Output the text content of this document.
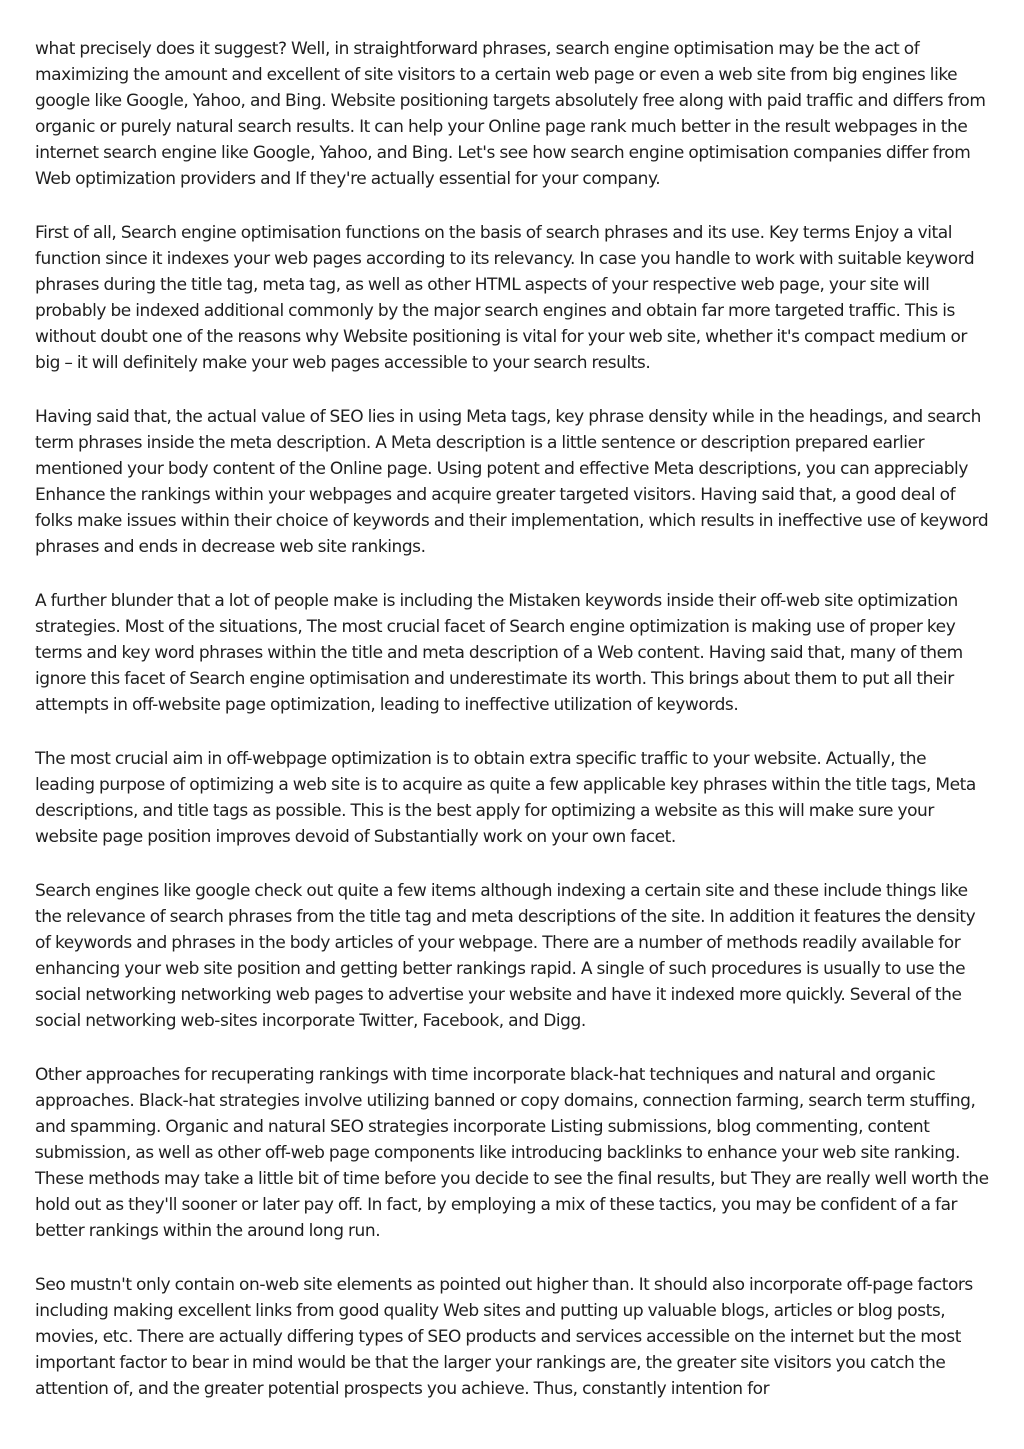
what precisely does it suggest? Well, in straightforward phrases, search engine optimisation may be the act of maximizing the amount and excellent of site visitors to a certain web page or even a web site from big engines like google like Google, Yahoo, and Bing. Website positioning targets absolutely free along with paid traffic and differs from organic or purely natural search results. It can help your Online page rank much better in the result webpages in the internet search engine like Google, Yahoo, and Bing. Let's see how search engine optimisation companies differ from Web optimization providers and If they're actually essential for your company.

First of all, Search engine optimisation functions on the basis of search phrases and its use. Key terms Enjoy a vital function since it indexes your web pages according to its relevancy. In case you handle to work with suitable keyword phrases during the title tag, meta tag, as well as other HTML aspects of your respective web page, your site will probably be indexed additional commonly by the major search engines and obtain far more targeted traffic. This is without doubt one of the reasons why Website positioning is vital for your web site, whether it's compact medium or big – it will definitely make your web pages accessible to your search results.

Having said that, the actual value of SEO lies in using Meta tags, key phrase density while in the headings, and search term phrases inside the meta description. A Meta description is a little sentence or description prepared earlier mentioned your body content of the Online page. Using potent and effective Meta descriptions, you can appreciably Enhance the rankings within your webpages and acquire greater targeted visitors. Having said that, a good deal of folks make issues within their choice of keywords and their implementation, which results in ineffective use of keyword phrases and ends in decrease web site rankings.

A further blunder that a lot of people make is including the Mistaken keywords inside their off-web site optimization strategies. Most of the situations, The most crucial facet of Search engine optimization is making use of proper key terms and key word phrases within the title and meta description of a Web content. Having said that, many of them ignore this facet of Search engine optimisation and underestimate its worth. This brings about them to put all their attempts in off-website page optimization, leading to ineffective utilization of keywords.

The most crucial aim in off-webpage optimization is to obtain extra specific traffic to your website. Actually, the leading purpose of optimizing a web site is to acquire as quite a few applicable key phrases within the title tags, Meta descriptions, and title tags as possible. This is the best apply for optimizing a website as this will make sure your website page position improves devoid of Substantially work on your own facet.

Search engines like google check out quite a few items although indexing a certain site and these include things like the relevance of search phrases from the title tag and meta descriptions of the site. In addition it features the density of keywords and phrases in the body articles of your webpage. There are a number of methods readily available for enhancing your web site position and getting better rankings rapid. A single of such procedures is usually to use the social networking networking web pages to advertise your website and have it indexed more quickly. Several of the social networking web-sites incorporate Twitter, Facebook, and Digg.

Other approaches for recuperating rankings with time incorporate black-hat techniques and natural and organic approaches. Black-hat strategies involve utilizing banned or copy domains, connection farming, search term stuffing, and spamming. Organic and natural SEO strategies incorporate Listing submissions, blog commenting, content submission, as well as other off-web page components like introducing backlinks to enhance your web site ranking. These methods may take a little bit of time before you decide to see the final results, but They are really well worth the hold out as they'll sooner or later pay off. In fact, by employing a mix of these tactics, you may be confident of a far better rankings within the around long run.

Seo mustn't only contain on-web site elements as pointed out higher than. It should also incorporate off-page factors including making excellent links from good quality Web sites and putting up valuable blogs, articles or blog posts, movies, etc. There are actually differing types of SEO products and services accessible on the internet but the most important factor to bear in mind would be that the larger your rankings are, the greater site visitors you catch the attention of, and the greater potential prospects you achieve. Thus, constantly intention for
